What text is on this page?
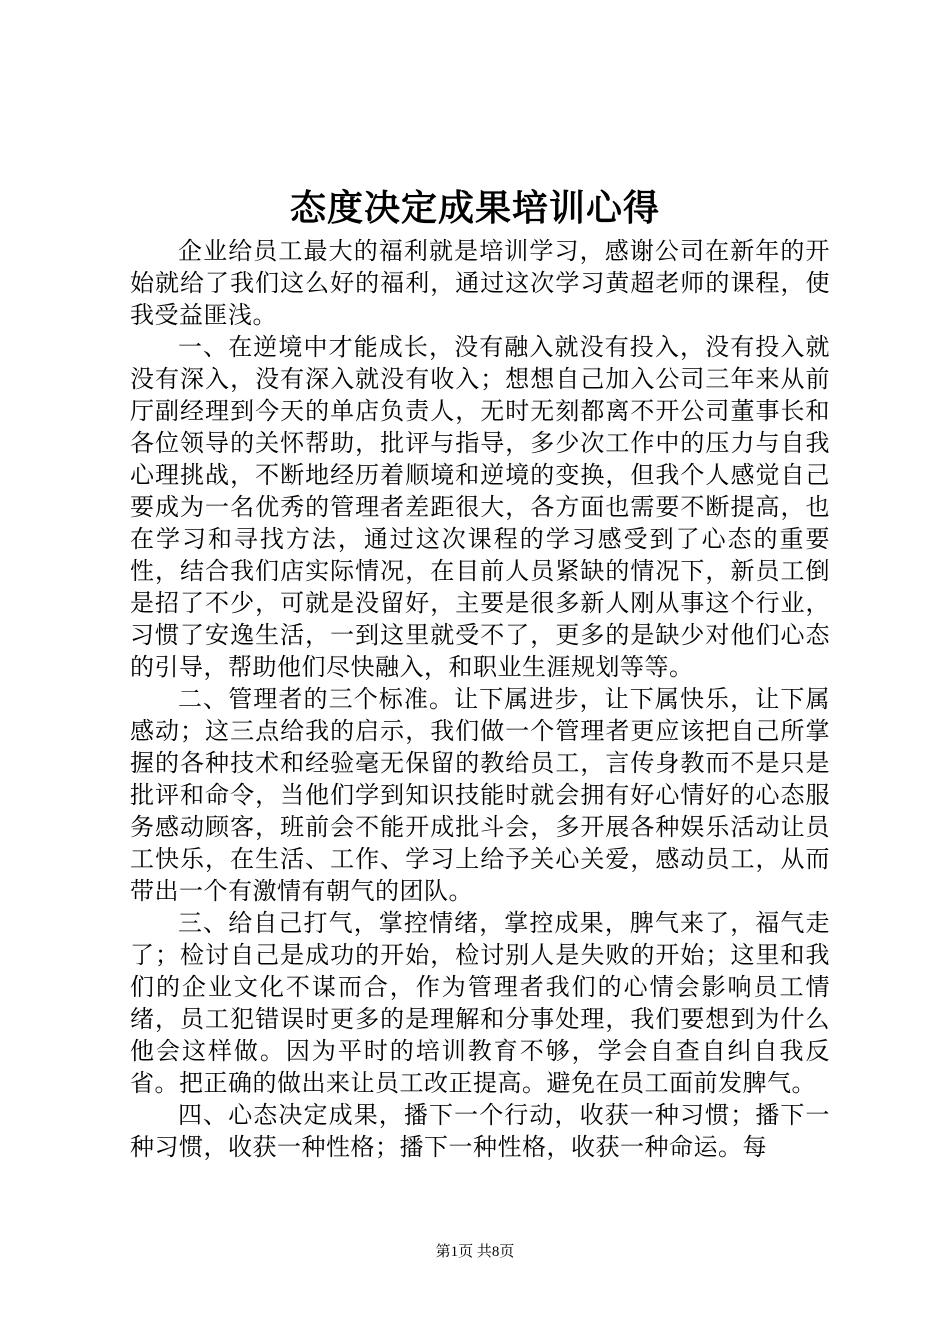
态度决定成果培训心得

企业给员工最大的福利就是培训学习，感谢公司在新年的开始就给了我们这么好的福利，通过这次学习黄超老师的课程，使我受益匪浅。

一、在逆境中才能成长，没有融入就没有投入，没有投入就没有深入，没有深入就没有收入；想想自己加入公司三年来从前厅副经理到今天的单店负责人，无时无刻都离不开公司董事长和各位领导的关怀帮助，批评与指导，多少次工作中的压力与自我心理挑战，不断地经历着顺境和逆境的变换，但我个人感觉自己要成为一名优秀的管理者差距很大，各方面也需要不断提高，也在学习和寻找方法，通过这次课程的学习感受到了心态的重要性，结合我们店实际情况，在目前人员紧缺的情况下，新员工倒是招了不少，可就是没留好，主要是很多新人刚从事这个行业，习惯了安逸生活，一到这里就受不了，更多的是缺少对他们心态的引导，帮助他们尽快融入，和职业生涯规划等等。

二、管理者的三个标准。让下属进步，让下属快乐，让下属感动；这三点给我的启示，我们做一个管理者更应该把自己所掌握的各种技术和经验毫无保留的教给员工，言传身教而不是只是批评和命令，当他们学到知识技能时就会拥有好心情好的心态服务感动顾客，班前会不能开成批斗会，多开展各种娱乐活动让员工快乐，在生活、工作、学习上给予关心关爱，感动员工，从而带出一个有激情有朝气的团队。

三、给自己打气，掌控情绪，掌控成果，脾气来了，福气走了；检讨自己是成功的开始，检讨别人是失败的开始；这里和我们的企业文化不谋而合，作为管理者我们的心情会影响员工情绪，员工犯错误时更多的是理解和分事处理，我们要想到为什么他会这样做。因为平时的培训教育不够，学会自查自纠自我反省。把正确的做出来让员工改正提高。避免在员工面前发脾气。

四、心态决定成果，播下一个行动，收获一种习惯；播下一种习惯，收获一种性格；播下一种性格，收获一种命运。每

第1页 共8页
